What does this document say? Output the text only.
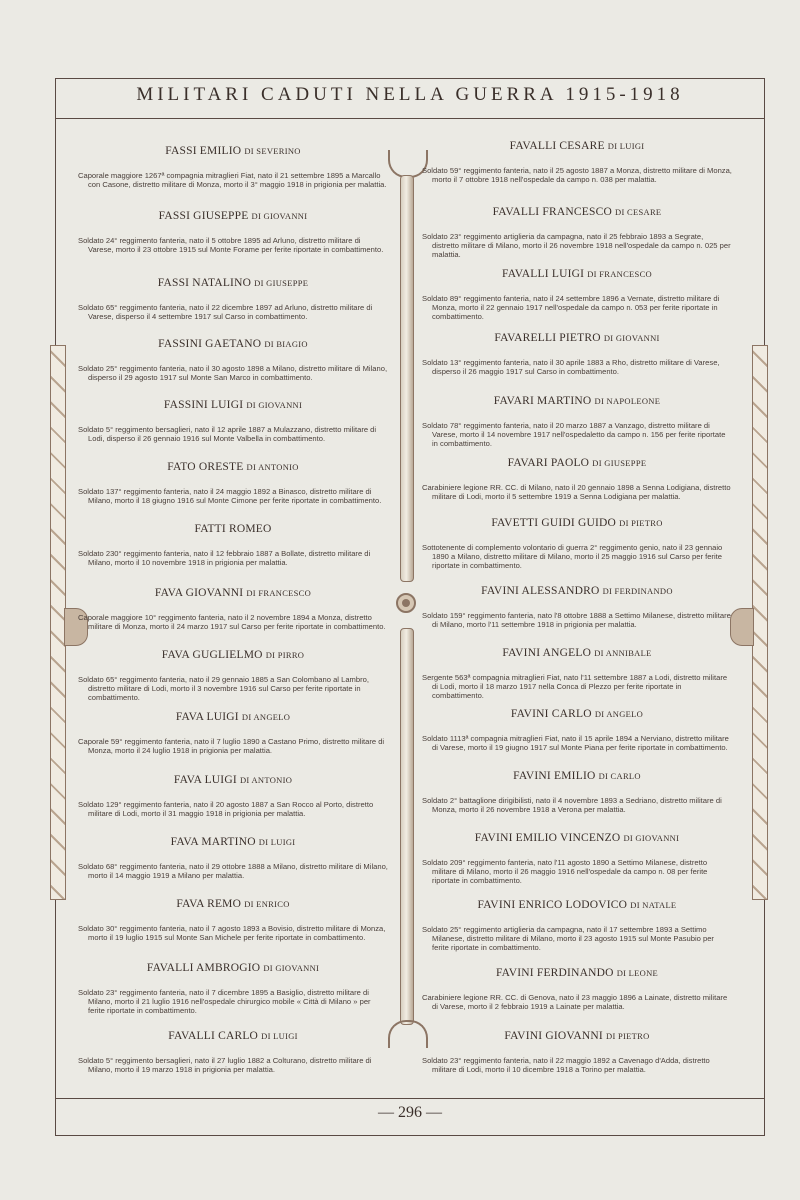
MILITARI CADUTI NELLA GUERRA 1915-1918

FASSI EMILIO DI SEVERINO

Caporale maggiore 1267ª compagnia mitraglieri Fiat, nato il 21 settembre 1895 a Marcallo con Casone, distretto militare di Monza, morto il 3° maggio 1918 in prigionia per malattia.

FASSI GIUSEPPE DI GIOVANNI

Soldato 24° reggimento fanteria, nato il 5 ottobre 1895 ad Arluno, distretto militare di Varese, morto il 23 ottobre 1915 sul Monte Forame per ferite riportate in combattimento.

FASSI NATALINO DI GIUSEPPE

Soldato 65° reggimento fanteria, nato il 22 dicembre 1897 ad Arluno, distretto militare di Varese, disperso il 4 settembre 1917 sul Carso in combattimento.

FASSINI GAETANO DI BIAGIO

Soldato 25° reggimento fanteria, nato il 30 agosto 1898 a Milano, distretto militare di Milano, disperso il 29 agosto 1917 sul Monte San Marco in combattimento.

FASSINI LUIGI DI GIOVANNI

Soldato 5° reggimento bersaglieri, nato il 12 aprile 1887 a Mulazzano, distretto militare di Lodi, disperso il 26 gennaio 1916 sul Monte Valbella in combattimento.

FATO ORESTE DI ANTONIO

Soldato 137° reggimento fanteria, nato il 24 maggio 1892 a Binasco, distretto militare di Milano, morto il 18 giugno 1916 sul Monte Cimone per ferite riportate in combattimento.

FATTI ROMEO

Soldato 230° reggimento fanteria, nato il 12 febbraio 1887 a Bollate, distretto militare di Milano, morto il 10 novembre 1918 in prigionia per malattia.

FAVA GIOVANNI DI FRANCESCO

Caporale maggiore 10° reggimento fanteria, nato il 2 novembre 1894 a Monza, distretto militare di Monza, morto il 24 marzo 1917 sul Carso per ferite riportate in combattimento.

FAVA GUGLIELMO DI PIRRO

Soldato 65° reggimento fanteria, nato il 29 gennaio 1885 a San Colombano al Lambro, distretto militare di Lodi, morto il 3 novembre 1916 sul Carso per ferite riportate in combattimento.

FAVA LUIGI DI ANGELO

Caporale 59° reggimento fanteria, nato il 7 luglio 1890 a Castano Primo, distretto militare di Monza, morto il 24 luglio 1918 in prigionia per malattia.

FAVA LUIGI DI ANTONIO

Soldato 129° reggimento fanteria, nato il 20 agosto 1887 a San Rocco al Porto, distretto militare di Lodi, morto il 31 maggio 1918 in prigionia per malattia.

FAVA MARTINO DI LUIGI

Soldato 68° reggimento fanteria, nato il 29 ottobre 1888 a Milano, distretto militare di Milano, morto il 14 maggio 1919 a Milano per malattia.

FAVA REMO DI ENRICO

Soldato 30° reggimento fanteria, nato il 7 agosto 1893 a Bovisio, distretto militare di Monza, morto il 19 luglio 1915 sul Monte San Michele per ferite riportate in combattimento.

FAVALLI AMBROGIO DI GIOVANNI

Soldato 23° reggimento fanteria, nato il 7 dicembre 1895 a Basiglio, distretto militare di Milano, morto il 21 luglio 1916 nell'ospedale chirurgico mobile « Città di Milano » per ferite riportate in combattimento.

FAVALLI CARLO DI LUIGI

Soldato 5° reggimento bersaglieri, nato il 27 luglio 1882 a Colturano, distretto militare di Milano, morto il 19 marzo 1918 in prigionia per malattia.

FAVALLI CESARE DI LUIGI

Soldato 59° reggimento fanteria, nato il 25 agosto 1887 a Monza, distretto militare di Monza, morto il 7 ottobre 1918 nell'ospedale da campo n. 038 per malattia.

FAVALLI FRANCESCO DI CESARE

Soldato 23° reggimento artiglieria da campagna, nato il 25 febbraio 1893 a Segrate, distretto militare di Milano, morto il 26 novembre 1918 nell'ospedale da campo n. 025 per malattia.

FAVALLI LUIGI DI FRANCESCO

Soldato 89° reggimento fanteria, nato il 24 settembre 1896 a Vernate, distretto militare di Monza, morto il 22 gennaio 1917 nell'ospedale da campo n. 053 per ferite riportate in combattimento.

FAVARELLI PIETRO DI GIOVANNI

Soldato 13° reggimento fanteria, nato il 30 aprile 1883 a Rho, distretto militare di Varese, disperso il 26 maggio 1917 sul Carso in combattimento.

FAVARI MARTINO DI NAPOLEONE

Soldato 78° reggimento fanteria, nato il 20 marzo 1887 a Vanzago, distretto militare di Varese, morto il 14 novembre 1917 nell'ospedaletto da campo n. 156 per ferite riportate in combattimento.

FAVARI PAOLO DI GIUSEPPE

Carabiniere legione RR. CC. di Milano, nato il 20 gennaio 1898 a Senna Lodigiana, distretto militare di Lodi, morto il 5 settembre 1919 a Senna Lodigiana per malattia.

FAVETTI GUIDI GUIDO DI PIETRO

Sottotenente di complemento volontario di guerra 2° reggimento genio, nato il 23 gennaio 1890 a Milano, distretto militare di Milano, morto il 25 maggio 1916 sul Carso per ferite riportate in combattimento.

FAVINI ALESSANDRO DI FERDINANDO

Soldato 159° reggimento fanteria, nato l'8 ottobre 1888 a Settimo Milanese, distretto militare di Milano, morto l'11 settembre 1918 in prigionia per malattia.

FAVINI ANGELO DI ANNIBALE

Sergente 563ª compagnia mitraglieri Fiat, nato l'11 settembre 1887 a Lodi, distretto militare di Lodi, morto il 18 marzo 1917 nella Conca di Plezzo per ferite riportate in combattimento.

FAVINI CARLO DI ANGELO

Soldato 1113ª compagnia mitraglieri Fiat, nato il 15 aprile 1894 a Nerviano, distretto militare di Varese, morto il 19 giugno 1917 sul Monte Piana per ferite riportate in combattimento.

FAVINI EMILIO DI CARLO

Soldato 2° battaglione dirigibilisti, nato il 4 novembre 1893 a Sedriano, distretto militare di Monza, morto il 26 novembre 1918 a Verona per malattia.

FAVINI EMILIO VINCENZO DI GIOVANNI

Soldato 209° reggimento fanteria, nato l'11 agosto 1890 a Settimo Milanese, distretto militare di Milano, morto il 26 maggio 1916 nell'ospedale da campo n. 08 per ferite riportate in combattimento.

FAVINI ENRICO LODOVICO DI NATALE

Soldato 25° reggimento artiglieria da campagna, nato il 17 settembre 1893 a Settimo Milanese, distretto militare di Milano, morto il 23 agosto 1915 sul Monte Pasubio per ferite riportate in combattimento.

FAVINI FERDINANDO DI LEONE

Carabiniere legione RR. CC. di Genova, nato il 23 maggio 1896 a Lainate, distretto militare di Varese, morto il 2 febbraio 1919 a Lainate per malattia.

FAVINI GIOVANNI DI PIETRO

Soldato 23° reggimento fanteria, nato il 22 maggio 1892 a Cavenago d'Adda, distretto militare di Lodi, morto il 10 dicembre 1918 a Torino per malattia.

— 296 —
